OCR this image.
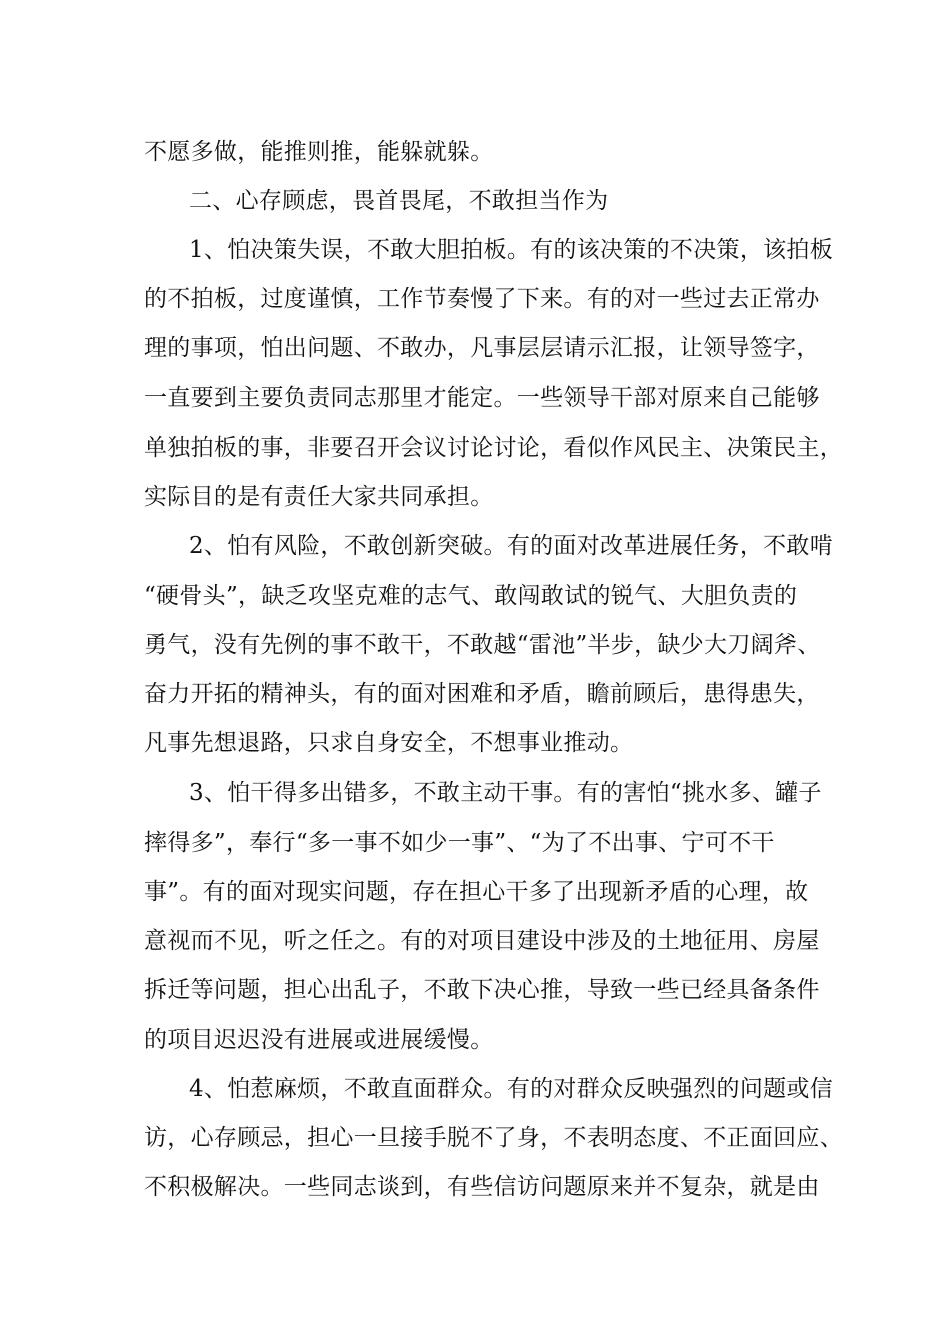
不愿多做，能推则推，能躲就躲。
二、心存顾虑，畏首畏尾，不敢担当作为
1、怕决策失误，不敢大胆拍板。有的该决策的不决策，该拍板
的不拍板，过度谨慎，工作节奏慢了下来。有的对一些过去正常办
理的事项，怕出问题、不敢办，凡事层层请示汇报，让领导签字，
一直要到主要负责同志那里才能定。一些领导干部对原来自己能够
单独拍板的事，非要召开会议讨论讨论，看似作风民主、决策民主，
实际目的是有责任大家共同承担。
2、怕有风险，不敢创新突破。有的面对改革进展任务，不敢啃
“硬骨头”，缺乏攻坚克难的志气、敢闯敢试的锐气、大胆负责的
勇气，没有先例的事不敢干，不敢越“雷池”半步，缺少大刀阔斧、
奋力开拓的精神头，有的面对困难和矛盾，瞻前顾后，患得患失，
凡事先想退路，只求自身安全，不想事业推动。
3、怕干得多出错多，不敢主动干事。有的害怕“挑水多、罐子
摔得多”，奉行“多一事不如少一事”、“为了不出事、宁可不干
事”。有的面对现实问题，存在担心干多了出现新矛盾的心理，故
意视而不见，听之任之。有的对项目建设中涉及的土地征用、房屋
拆迁等问题，担心出乱子，不敢下决心推，导致一些已经具备条件
的项目迟迟没有进展或进展缓慢。
4、怕惹麻烦，不敢直面群众。有的对群众反映强烈的问题或信
访，心存顾忌，担心一旦接手脱不了身，不表明态度、不正面回应、
不积极解决。一些同志谈到，有些信访问题原来并不复杂，就是由
